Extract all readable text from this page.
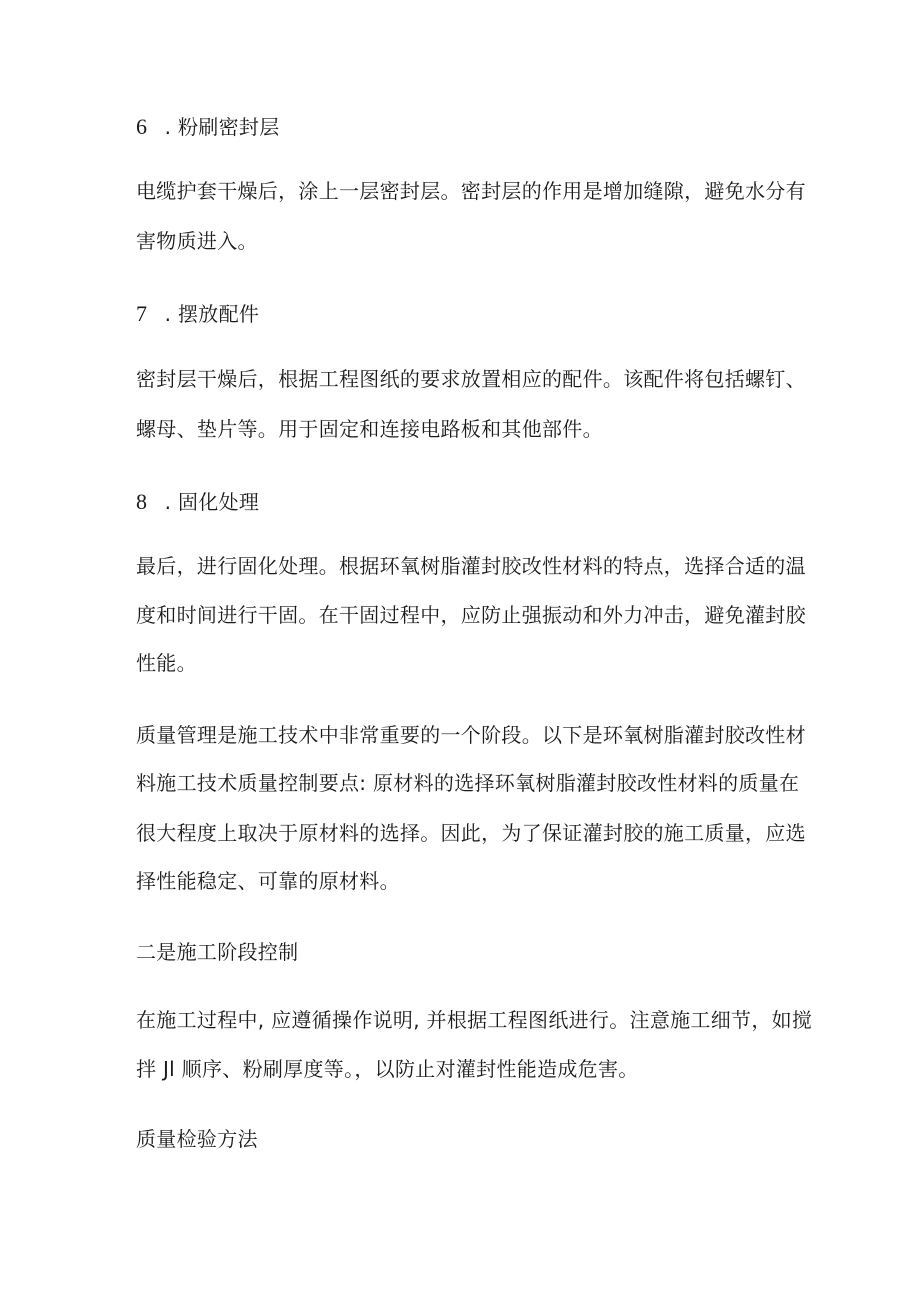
6 . 粉刷密封层
电缆护套干燥后，涂上一层密封层。密封层的作用是增加缝隙，避免水分有
害物质进入。
7 . 摆放配件
密封层干燥后，根据工程图纸的要求放置相应的配件。该配件将包括螺钉、
螺母、垫片等。用于固定和连接电路板和其他部件。
8 . 固化处理
最后，进行固化处理。根据环氧树脂灌封胶改性材料的特点，选择合适的温
度和时间进行干固。在干固过程中，应防止强振动和外力冲击，避免灌封胶
性能。
质量管理是施工技术中非常重要的一个阶段。以下是环氧树脂灌封胶改性材
料施工技术质量控制要点: 原材料的选择环氧树脂灌封胶改性材料的质量在
很大程度上取决于原材料的选择。因此，为了保证灌封胶的施工质量，应选
择性能稳定、可靠的原材料。
二是施工阶段控制
在施工过程中, 应遵循操作说明, 并根据工程图纸进行。注意施工细节，如搅
拌 Jl 顺序、粉刷厚度等。，以防止对灌封性能造成危害。
质量检验方法
